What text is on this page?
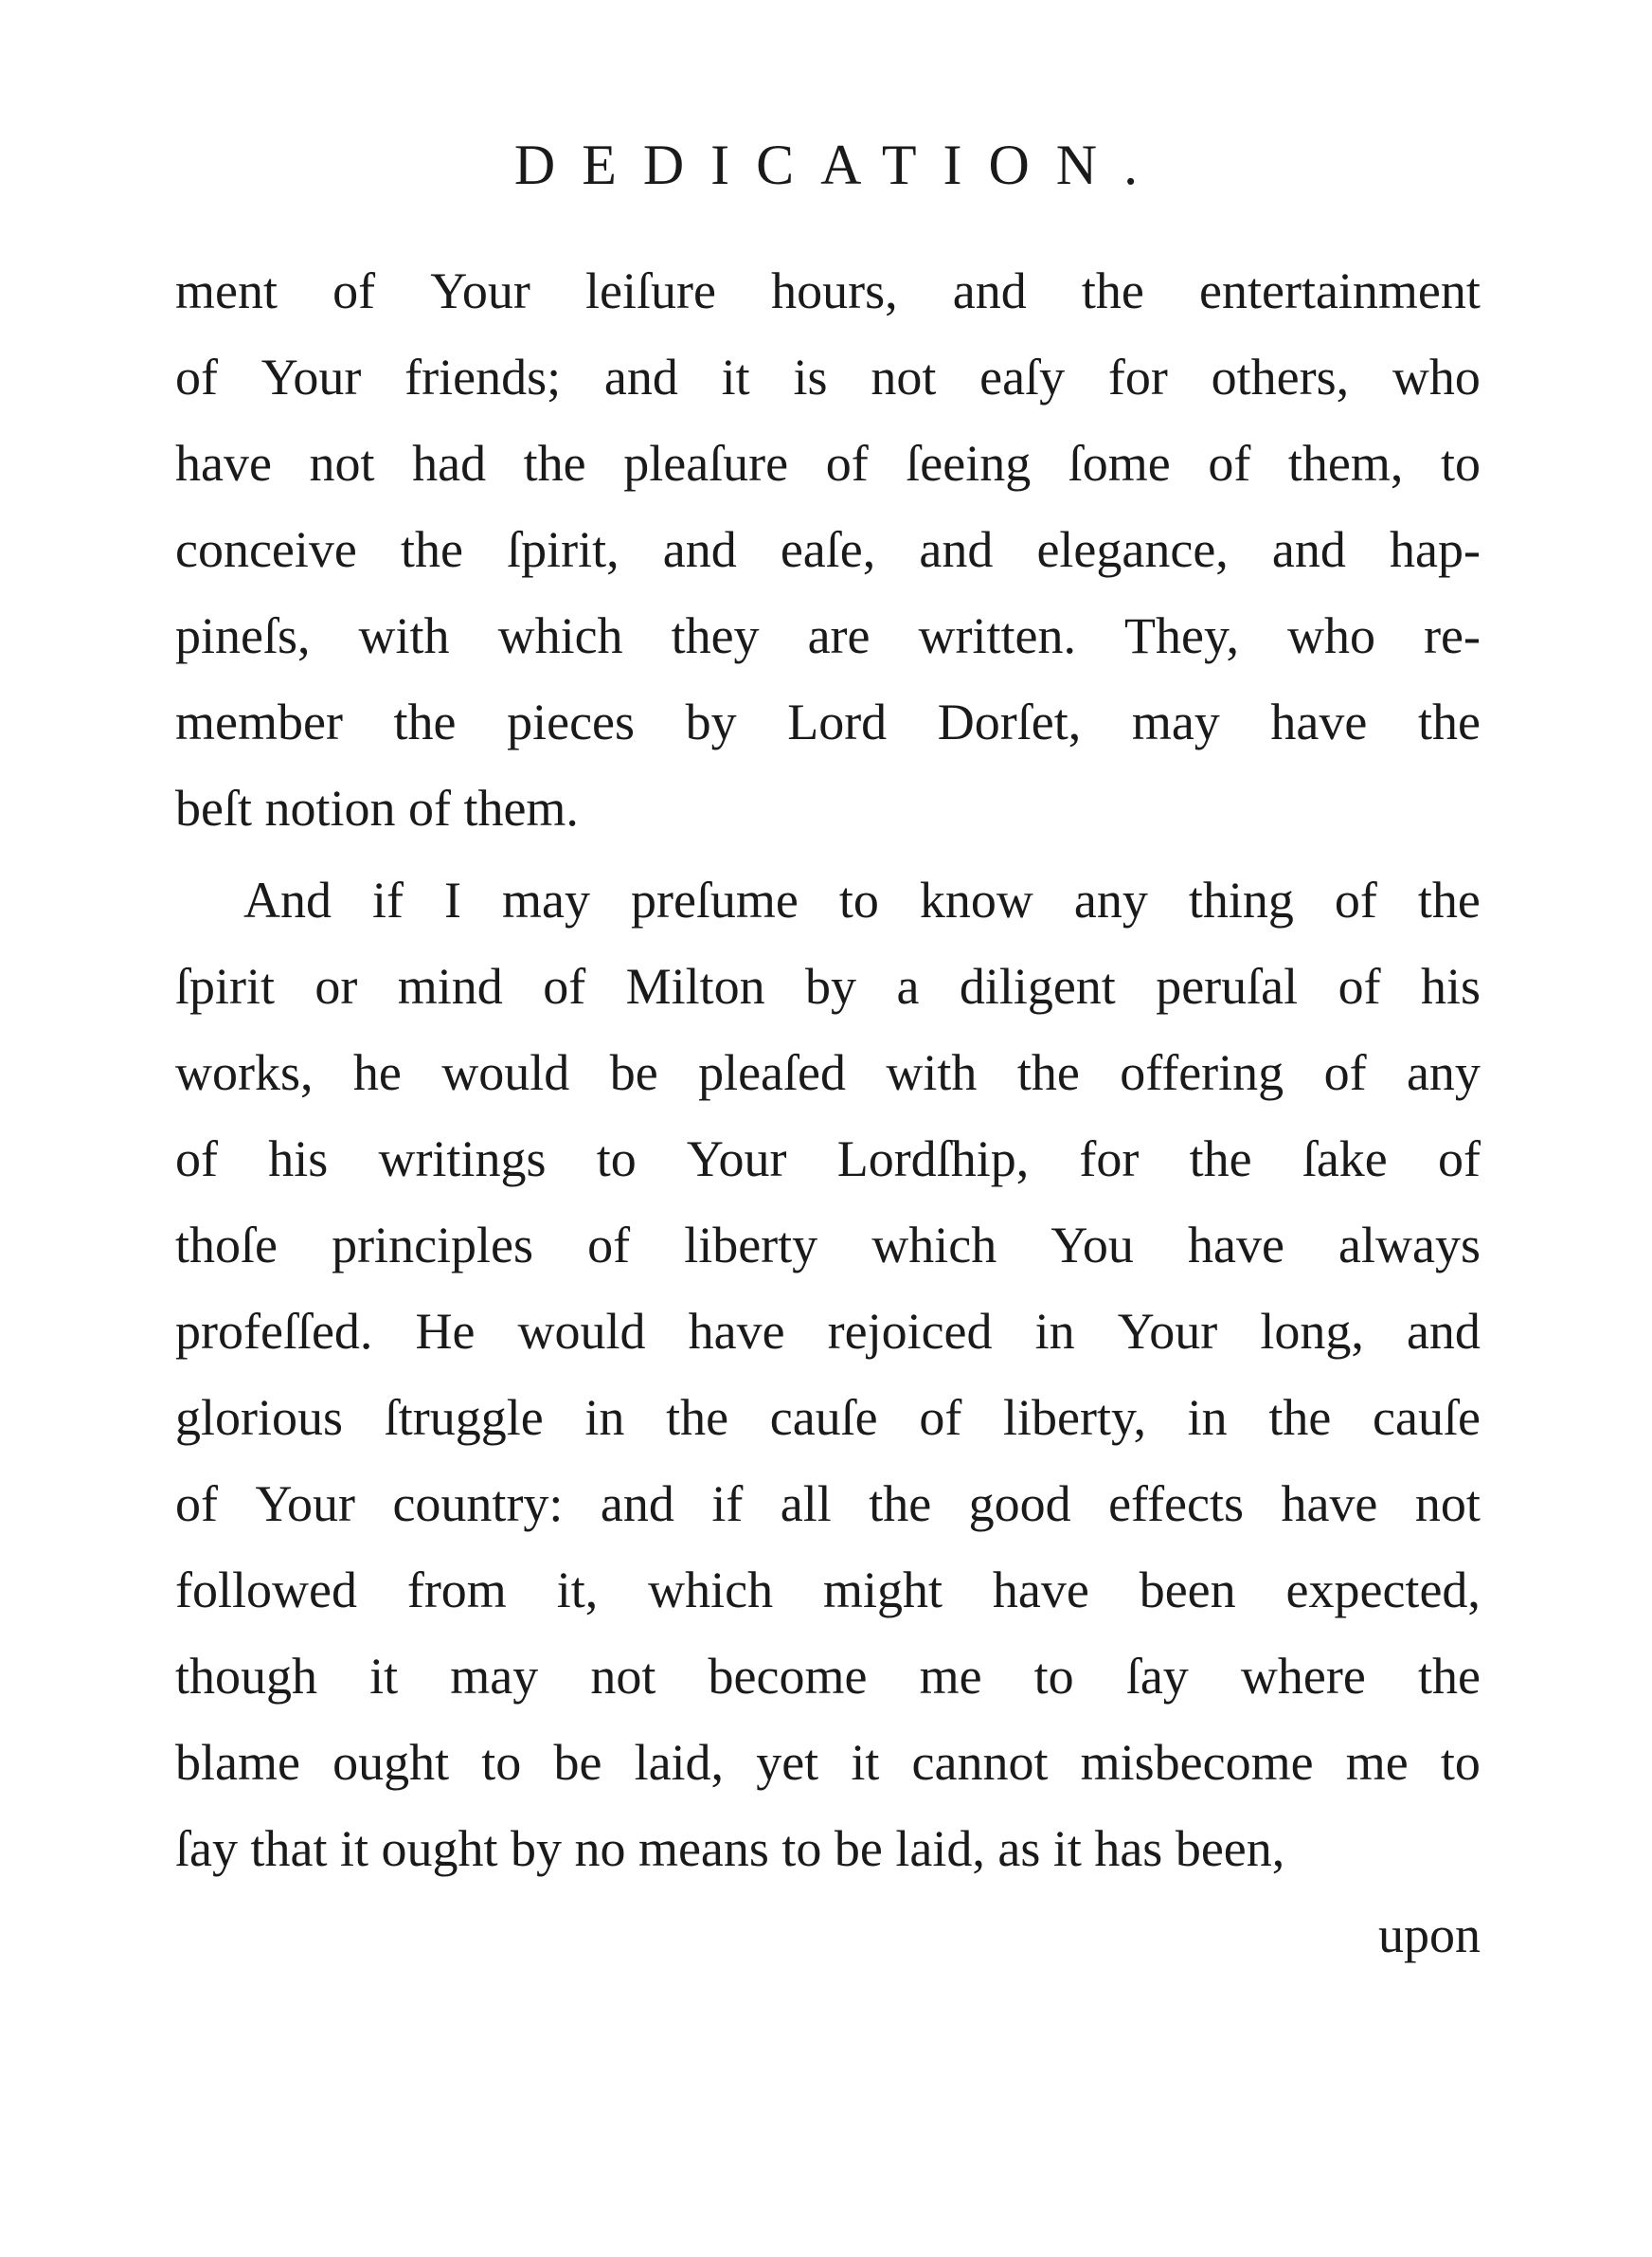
DEDICATION.
ment of Your leiſure hours, and the entertainment
of Your friends; and it is not eaſy for others, who
have not had the pleaſure of ſeeing ſome of them, to
conceive the ſpirit, and eaſe, and elegance, and hap-
pineſs, with which they are written. They, who re-
member the pieces by Lord Dorſet, may have the
beſt notion of them.
And if I may preſume to know any thing of the
ſpirit or mind of Milton by a diligent peruſal of his
works, he would be pleaſed with the offering of any
of his writings to Your Lordſhip, for the ſake of
thoſe principles of liberty which You have always
profeſſed. He would have rejoiced in Your long, and
glorious ſtruggle in the cauſe of liberty, in the cauſe
of Your country: and if all the good effects have not
followed from it, which might have been expected,
though it may not become me to ſay where the
blame ought to be laid, yet it cannot misbecome me to
ſay that it ought by no means to be laid, as it has been,
upon
